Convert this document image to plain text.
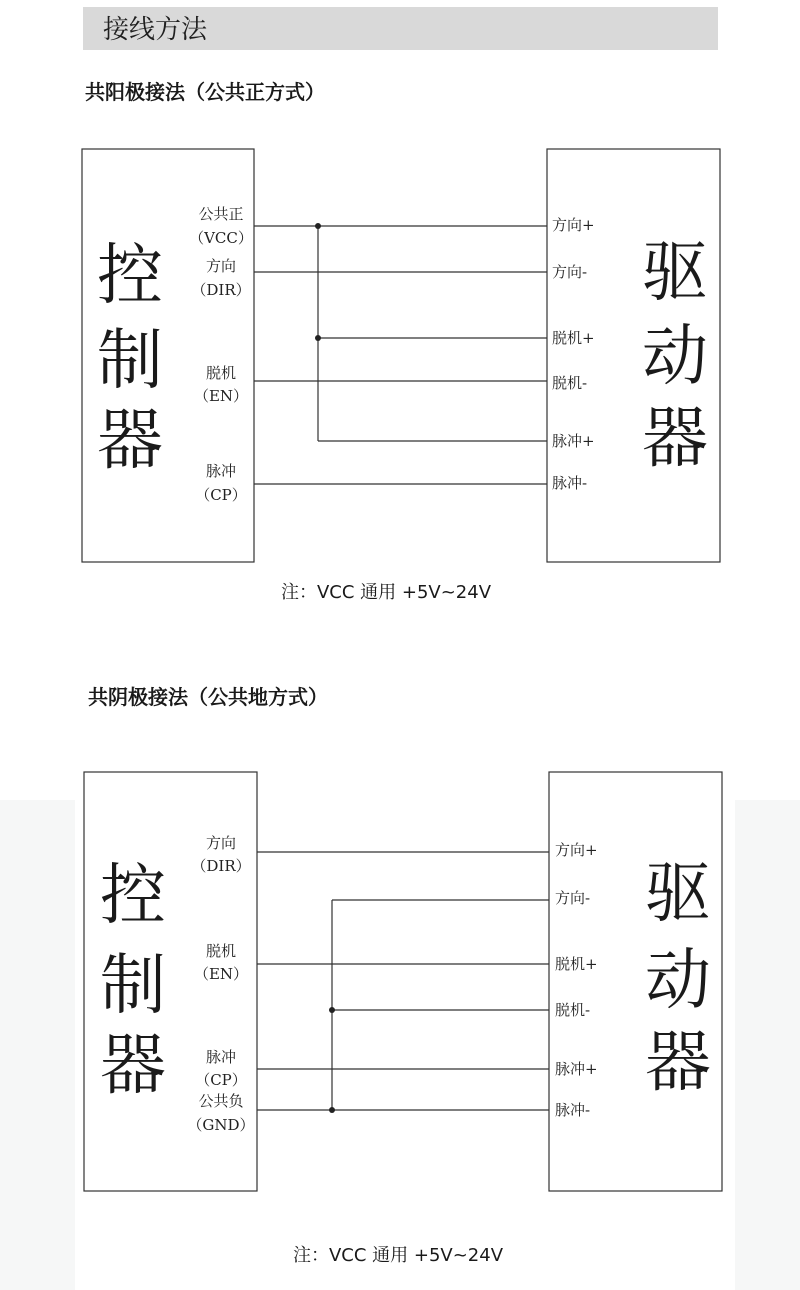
接线方法
共阳极接法（公共正方式）
控
制
器
公共正
（VCC）
方向
（DIR）
脱机
（EN）
脉冲
（CP）
驱
动
器
方向+
方向-
脱机+
脱机-
脉冲+
脉冲-
注：VCC 通用 +5V~24V
共阴极接法（公共地方式）
控
制
器
方向
（DIR）
脱机
（EN）
脉冲
（CP）
公共负
（GND）
驱
动
器
方向+
方向-
脱机+
脱机-
脉冲+
脉冲-
注：VCC 通用 +5V~24V
